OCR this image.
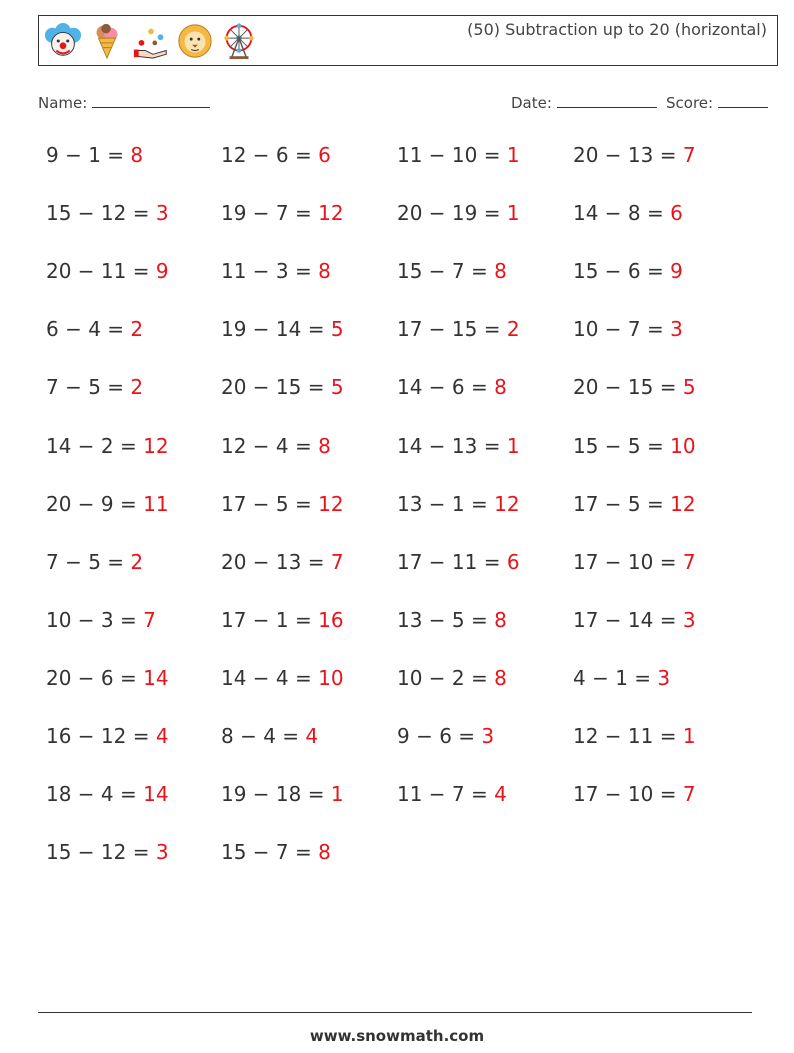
(50) Subtraction up to 20 (horizontal)
Name:	Date:	Score:
9 − 1 = 8	12 − 6 = 6	11 − 10 = 1	20 − 13 = 7
15 − 12 = 3	19 − 7 = 12	20 − 19 = 1	14 − 8 = 6
20 − 11 = 9	11 − 3 = 8	15 − 7 = 8	15 − 6 = 9
6 − 4 = 2	19 − 14 = 5	17 − 15 = 2	10 − 7 = 3
7 − 5 = 2	20 − 15 = 5	14 − 6 = 8	20 − 15 = 5
14 − 2 = 12	12 − 4 = 8	14 − 13 = 1	15 − 5 = 10
20 − 9 = 11	17 − 5 = 12	13 − 1 = 12	17 − 5 = 12
7 − 5 = 2	20 − 13 = 7	17 − 11 = 6	17 − 10 = 7
10 − 3 = 7	17 − 1 = 16	13 − 5 = 8	17 − 14 = 3
20 − 6 = 14	14 − 4 = 10	10 − 2 = 8	4 − 1 = 3
16 − 12 = 4	8 − 4 = 4	9 − 6 = 3	12 − 11 = 1
18 − 4 = 14	19 − 18 = 1	11 − 7 = 4	17 − 10 = 7
15 − 12 = 3	15 − 7 = 8
www.snowmath.com
